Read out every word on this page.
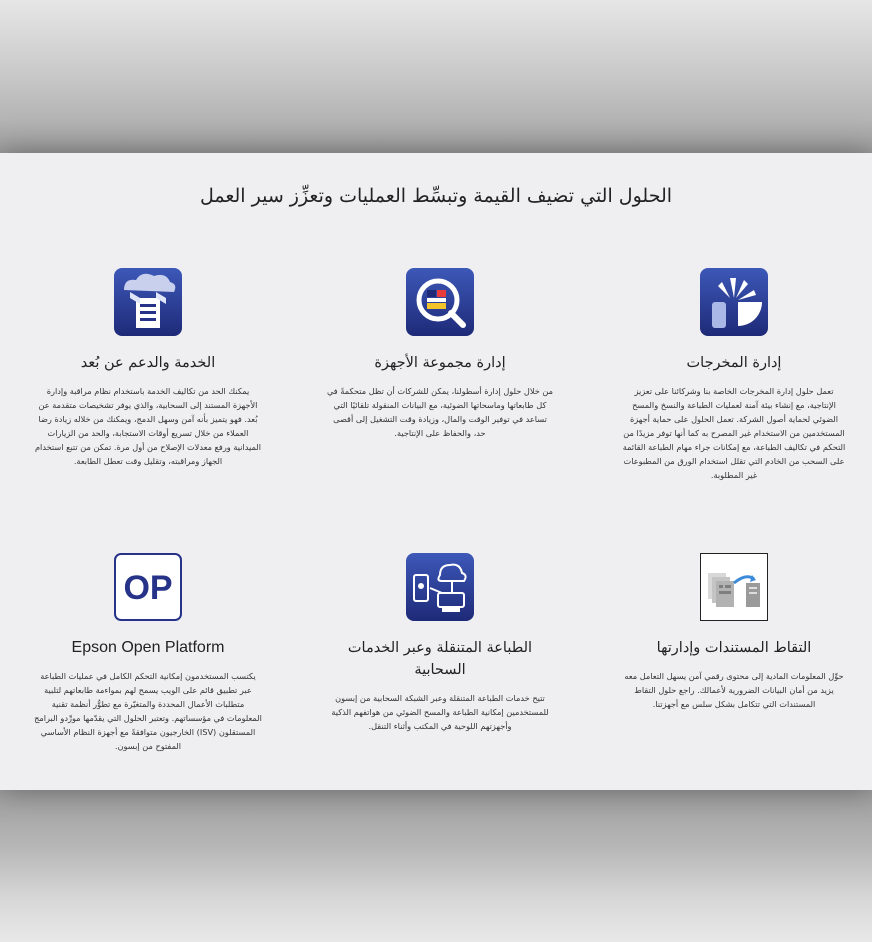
الحلول التي تضيف القيمة وتبسِّط العمليات وتعزِّز سير العمل
إدارة المخرجات
تعمل حلول إدارة المخرجات الخاصة بنا وشركائنا على تعزيز الإنتاجية، مع إنشاء بيئة آمنة لعمليات الطباعة والنسخ والمسح الضوئي لحماية أصول الشركة. تعمل الحلول على حماية أجهزة المستخدمين من الاستخدام غير المصرح به كما أنها توفر مزيدًا من التحكم في تكاليف الطباعة، مع إمكانات جراء مهام الطباعة القائمة على السحب من الخادم التي تقلل استخدام الورق من المطبوعات غير المطلوبة.
إدارة مجموعة الأجهزة
من خلال حلول إدارة أسطولنا، يمكن للشركات أن تظل متحكمةً في كل طابعاتها وماسحاتها الضوئية، مع البيانات المنقولة تلقائيًا التي تساعد في توفير الوقت والمال، وزيادة وقت التشغيل إلى أقصى حد، والحفاظ على الإنتاجية.
الخدمة والدعم عن بُعد
يمكنك الحد من تكاليف الخدمة باستخدام نظام مراقبة وإدارة الأجهزة المستند إلى السحابية، والذي يوفر تشخيصات متقدمة عن بُعد. فهو يتميز بأنه آمن وسهل الدمج، ويمكنك من خلاله زيادة رضا العملاء من خلال تسريع أوقات الاستجابة، والحد من الزيارات الميدانية ورفع معدلات الإصلاح من أول مرة. تمكن من تتبع استخدام الجهاز ومراقبته، وتقليل وقت تعطل الطابعة.
التقاط المستندات وإدارتها
حوِّل المعلومات المادية إلى محتوى رقمي آمن يسهل التعامل معه يزيد من أمان البيانات الضرورية لأعمالك. راجع حلول التقاط المستندات التي تتكامل بشكل سلس مع أجهزتنا.
الطباعة المتنقلة وعبر الخدمات السحابية
تتيح خدمات الطباعة المتنقلة وعبر الشبكة السحابية من إبسون للمستخدمين إمكانية الطباعة والمسح الضوئي من هواتفهم الذكية وأجهزتهم اللوحية في المكتب وأثناء التنقل.
OP
Epson Open Platform
يكتسب المستخدمون إمكانية التحكم الكامل في عمليات الطباعة عبر تطبيق قائم على الويب يسمح لهم بمواءمة طابعاتهم لتلبية متطلبات الأعمال المحددة والمتغيّرة مع تطوُّر أنظمة تقنية المعلومات في مؤسساتهم. وتعتبر الحلول التي يقدّمها مورِّدو البرامج المستقلون (ISV) الخارجيون متوافقةً مع أجهزة النظام الأساسي المفتوح من إبسون.
